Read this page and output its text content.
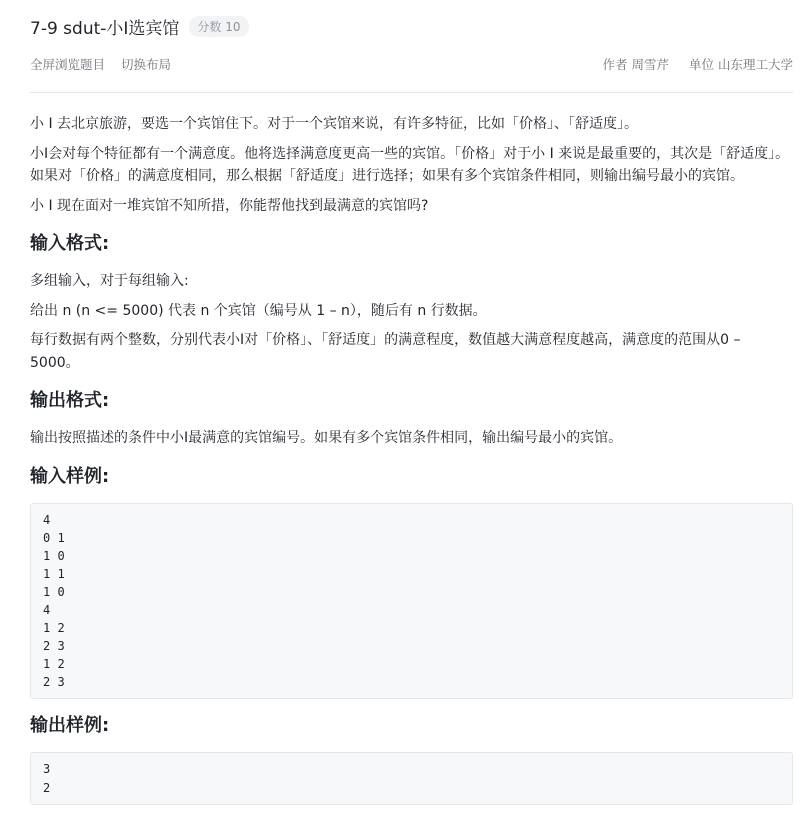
7-9 sdut-小I选宾馆	分数 10
全屏浏览题目 切换布局	作者 周雪芹 单位 山东理工大学

小 I 去北京旅游，要选一个宾馆住下。对于一个宾馆来说，有许多特征，比如「价格」、「舒适度」。

小I会对每个特征都有一个满意度。他将选择满意度更高一些的宾馆。「价格」对于小 I 来说是最重要的，其次是「舒适度」。如果对「价格」的满意度相同，那么根据「舒适度」进行选择；如果有多个宾馆条件相同，则输出编号最小的宾馆。

小 I 现在面对一堆宾馆不知所措，你能帮他找到最满意的宾馆吗?

输入格式:

多组输入，对于每组输入:

给出 n (n <= 5000) 代表 n 个宾馆（编号从 1 – n），随后有 n 行数据。

每行数据有两个整数，分别代表小I对「价格」、「舒适度」的满意程度，数值越大满意程度越高，满意度的范围从0 – 5000。

输出格式:

输出按照描述的条件中小I最满意的宾馆编号。如果有多个宾馆条件相同，输出编号最小的宾馆。

输入样例:
4
0 1
1 0
1 1
1 0
4
1 2
2 3
1 2
2 3
输出样例:
3
2
